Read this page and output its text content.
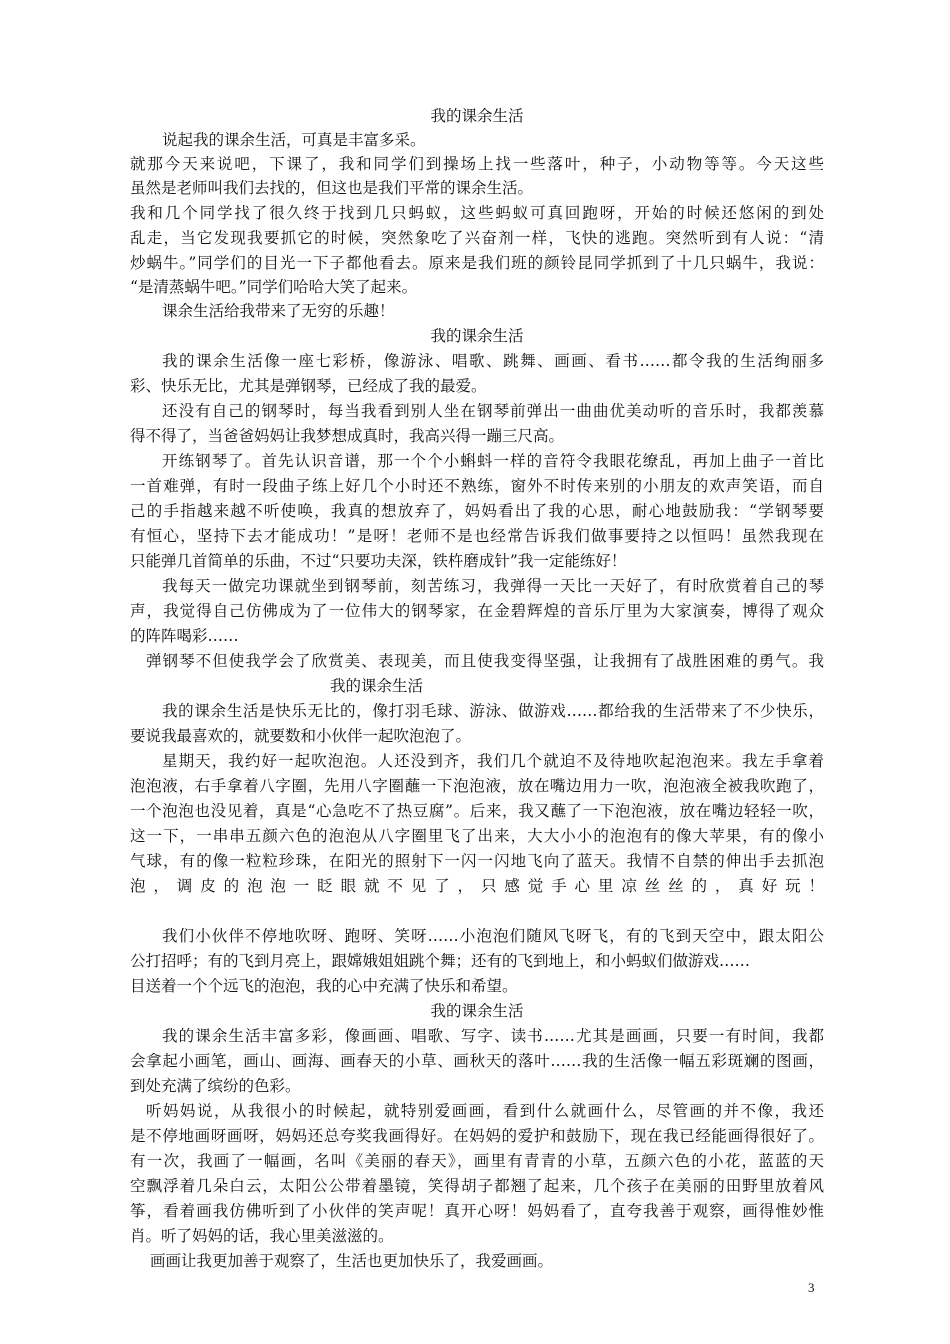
我的课余生活
说起我的课余生活，可真是丰富多采。
就那今天来说吧，下课了，我和同学们到操场上找一些落叶，种子，小动物等等。今天这些
虽然是老师叫我们去找的，但这也是我们平常的课余生活。
我和几个同学找了很久终于找到几只蚂蚁，这些蚂蚁可真回跑呀，开始的时候还悠闲的到处
乱走，当它发现我要抓它的时候，突然象吃了兴奋剂一样，飞快的逃跑。突然听到有人说：“清
炒蜗牛。”同学们的目光一下子都他看去。原来是我们班的颜铃昆同学抓到了十几只蜗牛，我说：
“是清蒸蜗牛吧。”同学们哈哈大笑了起来。
课余生活给我带来了无穷的乐趣！
我的课余生活
我的课余生活像一座七彩桥，像游泳、唱歌、跳舞、画画、看书……都令我的生活绚丽多
彩、快乐无比，尤其是弹钢琴，已经成了我的最爱。
还没有自己的钢琴时，每当我看到别人坐在钢琴前弹出一曲曲优美动听的音乐时，我都羡慕
得不得了，当爸爸妈妈让我梦想成真时，我高兴得一蹦三尺高。
开练钢琴了。首先认识音谱，那一个个小蝌蚪一样的音符令我眼花缭乱，再加上曲子一首比
一首难弹，有时一段曲子练上好几个小时还不熟练，窗外不时传来别的小朋友的欢声笑语，而自
己的手指越来越不听使唤，我真的想放弃了，妈妈看出了我的心思，耐心地鼓励我：“学钢琴要
有恒心，坚持下去才能成功！”是呀！老师不是也经常告诉我们做事要持之以恒吗！虽然我现在
只能弹几首简单的乐曲，不过“只要功夫深，铁杵磨成针”我一定能练好！
我每天一做完功课就坐到钢琴前，刻苦练习，我弹得一天比一天好了，有时欣赏着自己的琴
声，我觉得自己仿佛成为了一位伟大的钢琴家，在金碧辉煌的音乐厅里为大家演奏，博得了观众
的阵阵喝彩……
弹钢琴不但使我学会了欣赏美、表现美，而且使我变得坚强，让我拥有了战胜困难的勇气。我
我的课余生活
我的课余生活是快乐无比的，像打羽毛球、游泳、做游戏……都给我的生活带来了不少快乐，
要说我最喜欢的，就要数和小伙伴一起吹泡泡了。
星期天，我约好一起吹泡泡。人还没到齐，我们几个就迫不及待地吹起泡泡来。我左手拿着
泡泡液，右手拿着八字圈，先用八字圈蘸一下泡泡液，放在嘴边用力一吹，泡泡液全被我吹跑了，
一个泡泡也没见着，真是“心急吃不了热豆腐”。后来，我又蘸了一下泡泡液，放在嘴边轻轻一吹，
这一下，一串串五颜六色的泡泡从八字圈里飞了出来，大大小小的泡泡有的像大苹果，有的像小
气球，有的像一粒粒珍珠，在阳光的照射下一闪一闪地飞向了蓝天。我情不自禁的伸出手去抓泡
泡，调皮的泡泡一眨眼就不见了，只感觉手心里凉丝丝的，真好玩！
我们小伙伴不停地吹呀、跑呀、笑呀……小泡泡们随风飞呀飞，有的飞到天空中，跟太阳公
公打招呼；有的飞到月亮上，跟嫦娥姐姐跳个舞；还有的飞到地上，和小蚂蚁们做游戏……
目送着一个个远飞的泡泡，我的心中充满了快乐和希望。
我的课余生活
我的课余生活丰富多彩，像画画、唱歌、写字、读书……尤其是画画，只要一有时间，我都
会拿起小画笔，画山、画海、画春天的小草、画秋天的落叶……我的生活像一幅五彩斑斓的图画，
到处充满了缤纷的色彩。
听妈妈说，从我很小的时候起，就特别爱画画，看到什么就画什么，尽管画的并不像，我还
是不停地画呀画呀，妈妈还总夸奖我画得好。在妈妈的爱护和鼓励下，现在我已经能画得很好了。
有一次，我画了一幅画，名叫《美丽的春天》，画里有青青的小草，五颜六色的小花，蓝蓝的天
空飘浮着几朵白云，太阳公公带着墨镜，笑得胡子都翘了起来，几个孩子在美丽的田野里放着风
筝，看着画我仿佛听到了小伙伴的笑声呢！真开心呀！妈妈看了，直夸我善于观察，画得惟妙惟
肖。听了妈妈的话，我心里美滋滋的。
画画让我更加善于观察了，生活也更加快乐了，我爱画画。
3
